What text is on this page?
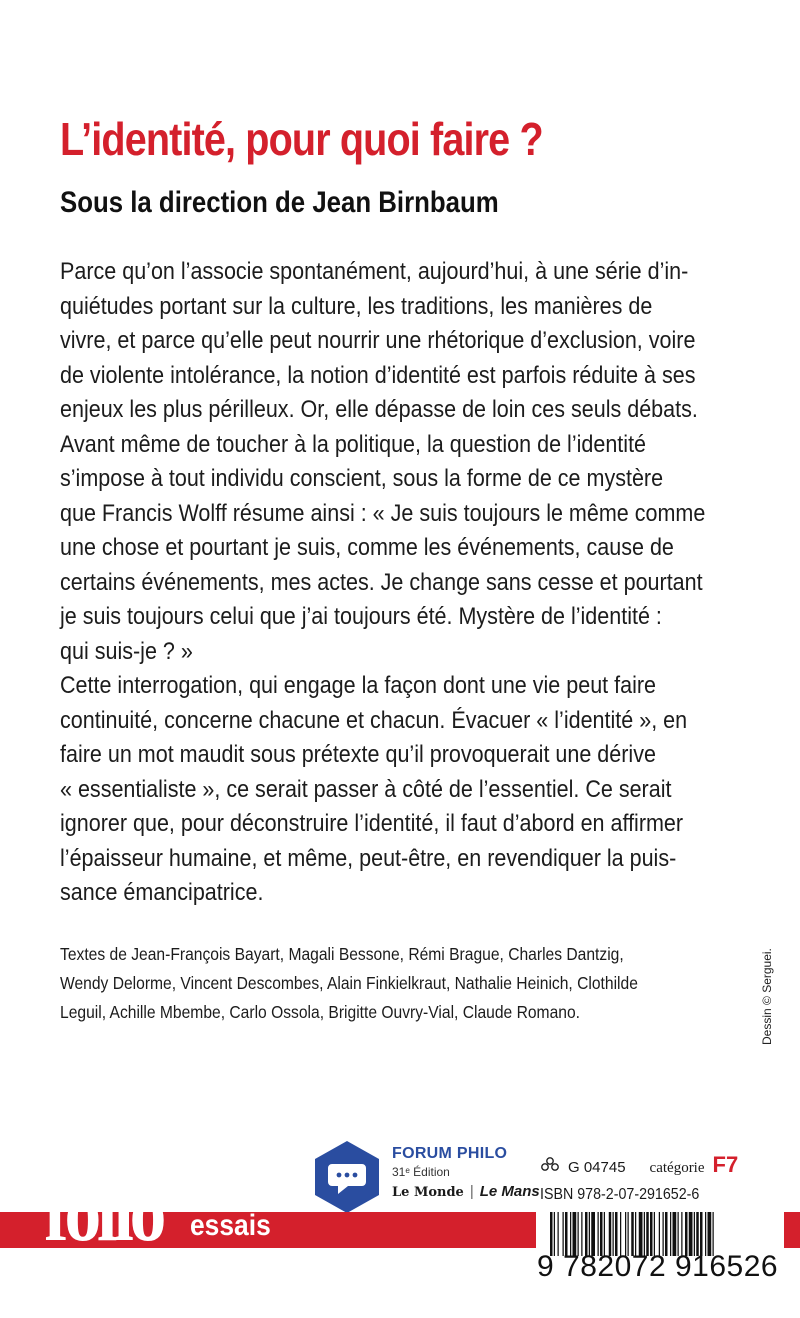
L’identité, pour quoi faire ?
Sous la direction de Jean Birnbaum

Parce qu’on l’associe spontanément, aujourd’hui, à une série d’in-

quiétudes portant sur la culture, les traditions, les manières de

vivre, et parce qu’elle peut nourrir une rhétorique d’exclusion, voire

de violente intolérance, la notion d’identité est parfois réduite à ses

enjeux les plus périlleux. Or, elle dépasse de loin ces seuls débats.

Avant même de toucher à la politique, la question de l’identité

s’impose à tout individu conscient, sous la forme de ce mystère

que Francis Wolff résume ainsi : « Je suis toujours le même comme

une chose et pourtant je suis, comme les événements, cause de

certains événements, mes actes. Je change sans cesse et pourtant

je suis toujours celui que j’ai toujours été. Mystère de l’identité :

qui suis-je ? »

Cette interrogation, qui engage la façon dont une vie peut faire

continuité, concerne chacune et chacun. Évacuer « l’identité », en

faire un mot maudit sous prétexte qu’il provoquerait une dérive

« essentialiste », ce serait passer à côté de l’essentiel. Ce serait

ignorer que, pour déconstruire l’identité, il faut d’abord en affirmer

l’épaisseur humaine, et même, peut-être, en revendiquer la puis-

sance émancipatrice.

Textes de Jean-François Bayart, Magali Bessone, Rémi Brague, Charles Dantzig,

Wendy Delorme, Vincent Descombes, Alain Finkielkraut, Nathalie Heinich, Clothilde

Leguil, Achille Mbembe, Carlo Ossola, Brigitte Ouvry-Vial, Claude Romano.	Dessin © Serguei.
FORUM PHILO
31ᵉ Édition
Le Monde | Le Mans
G 04745 catégorie F7
ISBN 978-2-07-291652-6
folio essais
9 782072 916526
